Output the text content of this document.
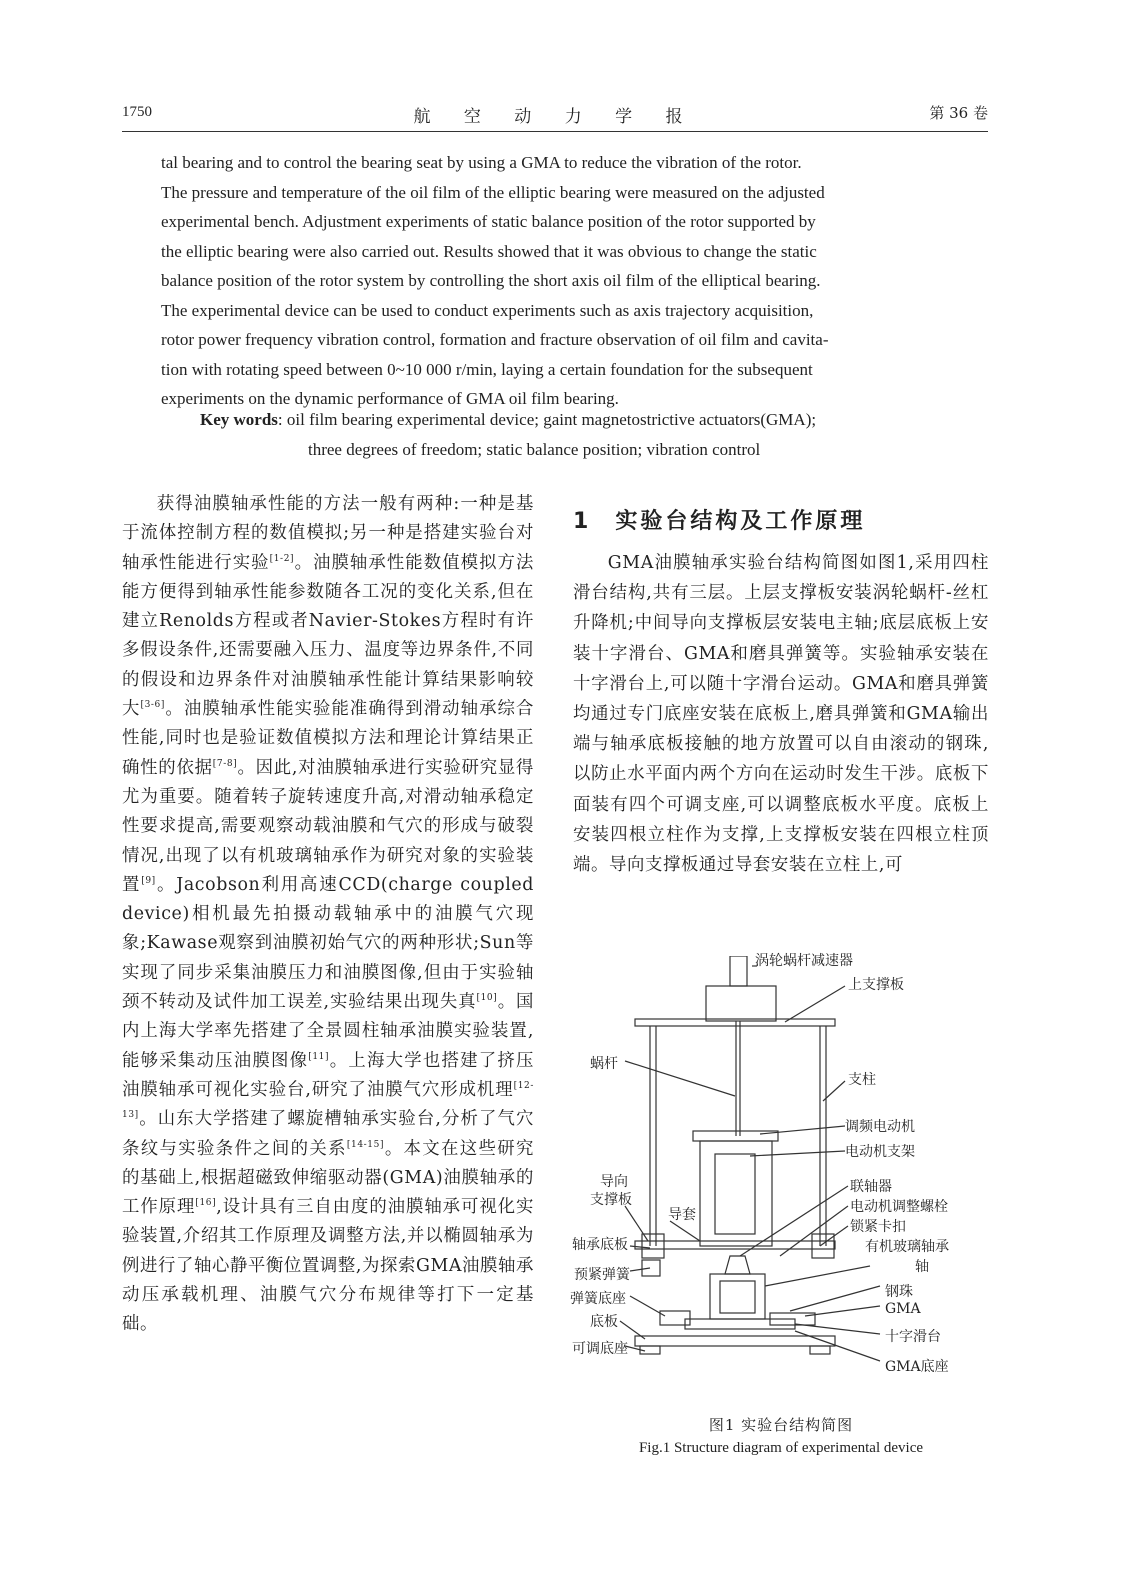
1750	航 空 动 力 学 报	第 36 卷

tal bearing and to control the bearing seat by using a GMA to reduce the vibration of the rotor.

The pressure and temperature of the oil film of the elliptic bearing were measured on the adjusted

experimental bench. Adjustment experiments of static balance position of the rotor supported by

the elliptic bearing were also carried out. Results showed that it was obvious to change the static

balance position of the rotor system by controlling the short axis oil film of the elliptical bearing.

The experimental device can be used to conduct experiments such as axis trajectory acquisition,

rotor power frequency vibration control, formation and fracture observation of oil film and cavita-

tion with rotating speed between 0~10 000 r/min, laying a certain foundation for the subsequent

experiments on the dynamic performance of GMA oil film bearing.

Key words: oil film bearing experimental device; gaint magnetostrictive actuators(GMA);
three degrees of freedom; static balance position; vibration control

获得油膜轴承性能的方法一般有两种:一种是基于流体控制方程的数值模拟;另一种是搭建实验台对轴承性能进行实验[1-2]。油膜轴承性能数值模拟方法能方便得到轴承性能参数随各工况的变化关系,但在建立Renolds方程或者Navier-Stokes方程时有许多假设条件,还需要融入压力、温度等边界条件,不同的假设和边界条件对油膜轴承性能计算结果影响较大[3-6]。油膜轴承性能实验能准确得到滑动轴承综合性能,同时也是验证数值模拟方法和理论计算结果正确性的依据[7-8]。因此,对油膜轴承进行实验研究显得尤为重要。随着转子旋转速度升高,对滑动轴承稳定性要求提高,需要观察动载油膜和气穴的形成与破裂情况,出现了以有机玻璃轴承作为研究对象的实验装置[9]。Jacobson利用高速CCD(charge coupled device)相机最先拍摄动载轴承中的油膜气穴现象;Kawase观察到油膜初始气穴的两种形状;Sun等实现了同步采集油膜压力和油膜图像,但由于实验轴颈不转动及试件加工误差,实验结果出现失真[10]。国内上海大学率先搭建了全景圆柱轴承油膜实验装置,能够采集动压油膜图像[11]。上海大学也搭建了挤压油膜轴承可视化实验台,研究了油膜气穴形成机理[12-13]。山东大学搭建了螺旋槽轴承实验台,分析了气穴条纹与实验条件之间的关系[14-15]。本文在这些研究的基础上,根据超磁致伸缩驱动器(GMA)油膜轴承的工作原理[16],设计具有三自由度的油膜轴承可视化实验装置,介绍其工作原理及调整方法,并以椭圆轴承为例进行了轴心静平衡位置调整,为探索GMA油膜轴承动压承载机理、油膜气穴分布规律等打下一定基础。

1 实验台结构及工作原理

GMA油膜轴承实验台结构简图如图1,采用四柱滑台结构,共有三层。上层支撑板安装涡轮蜗杆-丝杠升降机;中间导向支撑板层安装电主轴;底层底板上安装十字滑台、GMA和磨具弹簧等。实验轴承安装在十字滑台上,可以随十字滑台运动。GMA和磨具弹簧均通过专门底座安装在底板上,磨具弹簧和GMA输出端与轴承底板接触的地方放置可以自由滚动的钢珠,以防止水平面内两个方向在运动时发生干涉。底板下面装有四个可调支座,可以调整底板水平度。底板上安装四根立柱作为支撑,上支撑板安装在四根立柱顶端。导向支撑板通过导套安装在立柱上,可

涡轮蜗杆减速器
上支撑板
蜗杆
支柱
调频电动机
电动机支架
导向
支撑板
导套
联轴器
电动机调整螺栓
锁紧卡扣
轴承底板	有机玻璃轴承
轴
预紧弹簧
弹簧底座	钢珠
GMA
底板
十字滑台
可调底座
GMA底座
图1 实验台结构简图
Fig.1 Structure diagram of experimental device
